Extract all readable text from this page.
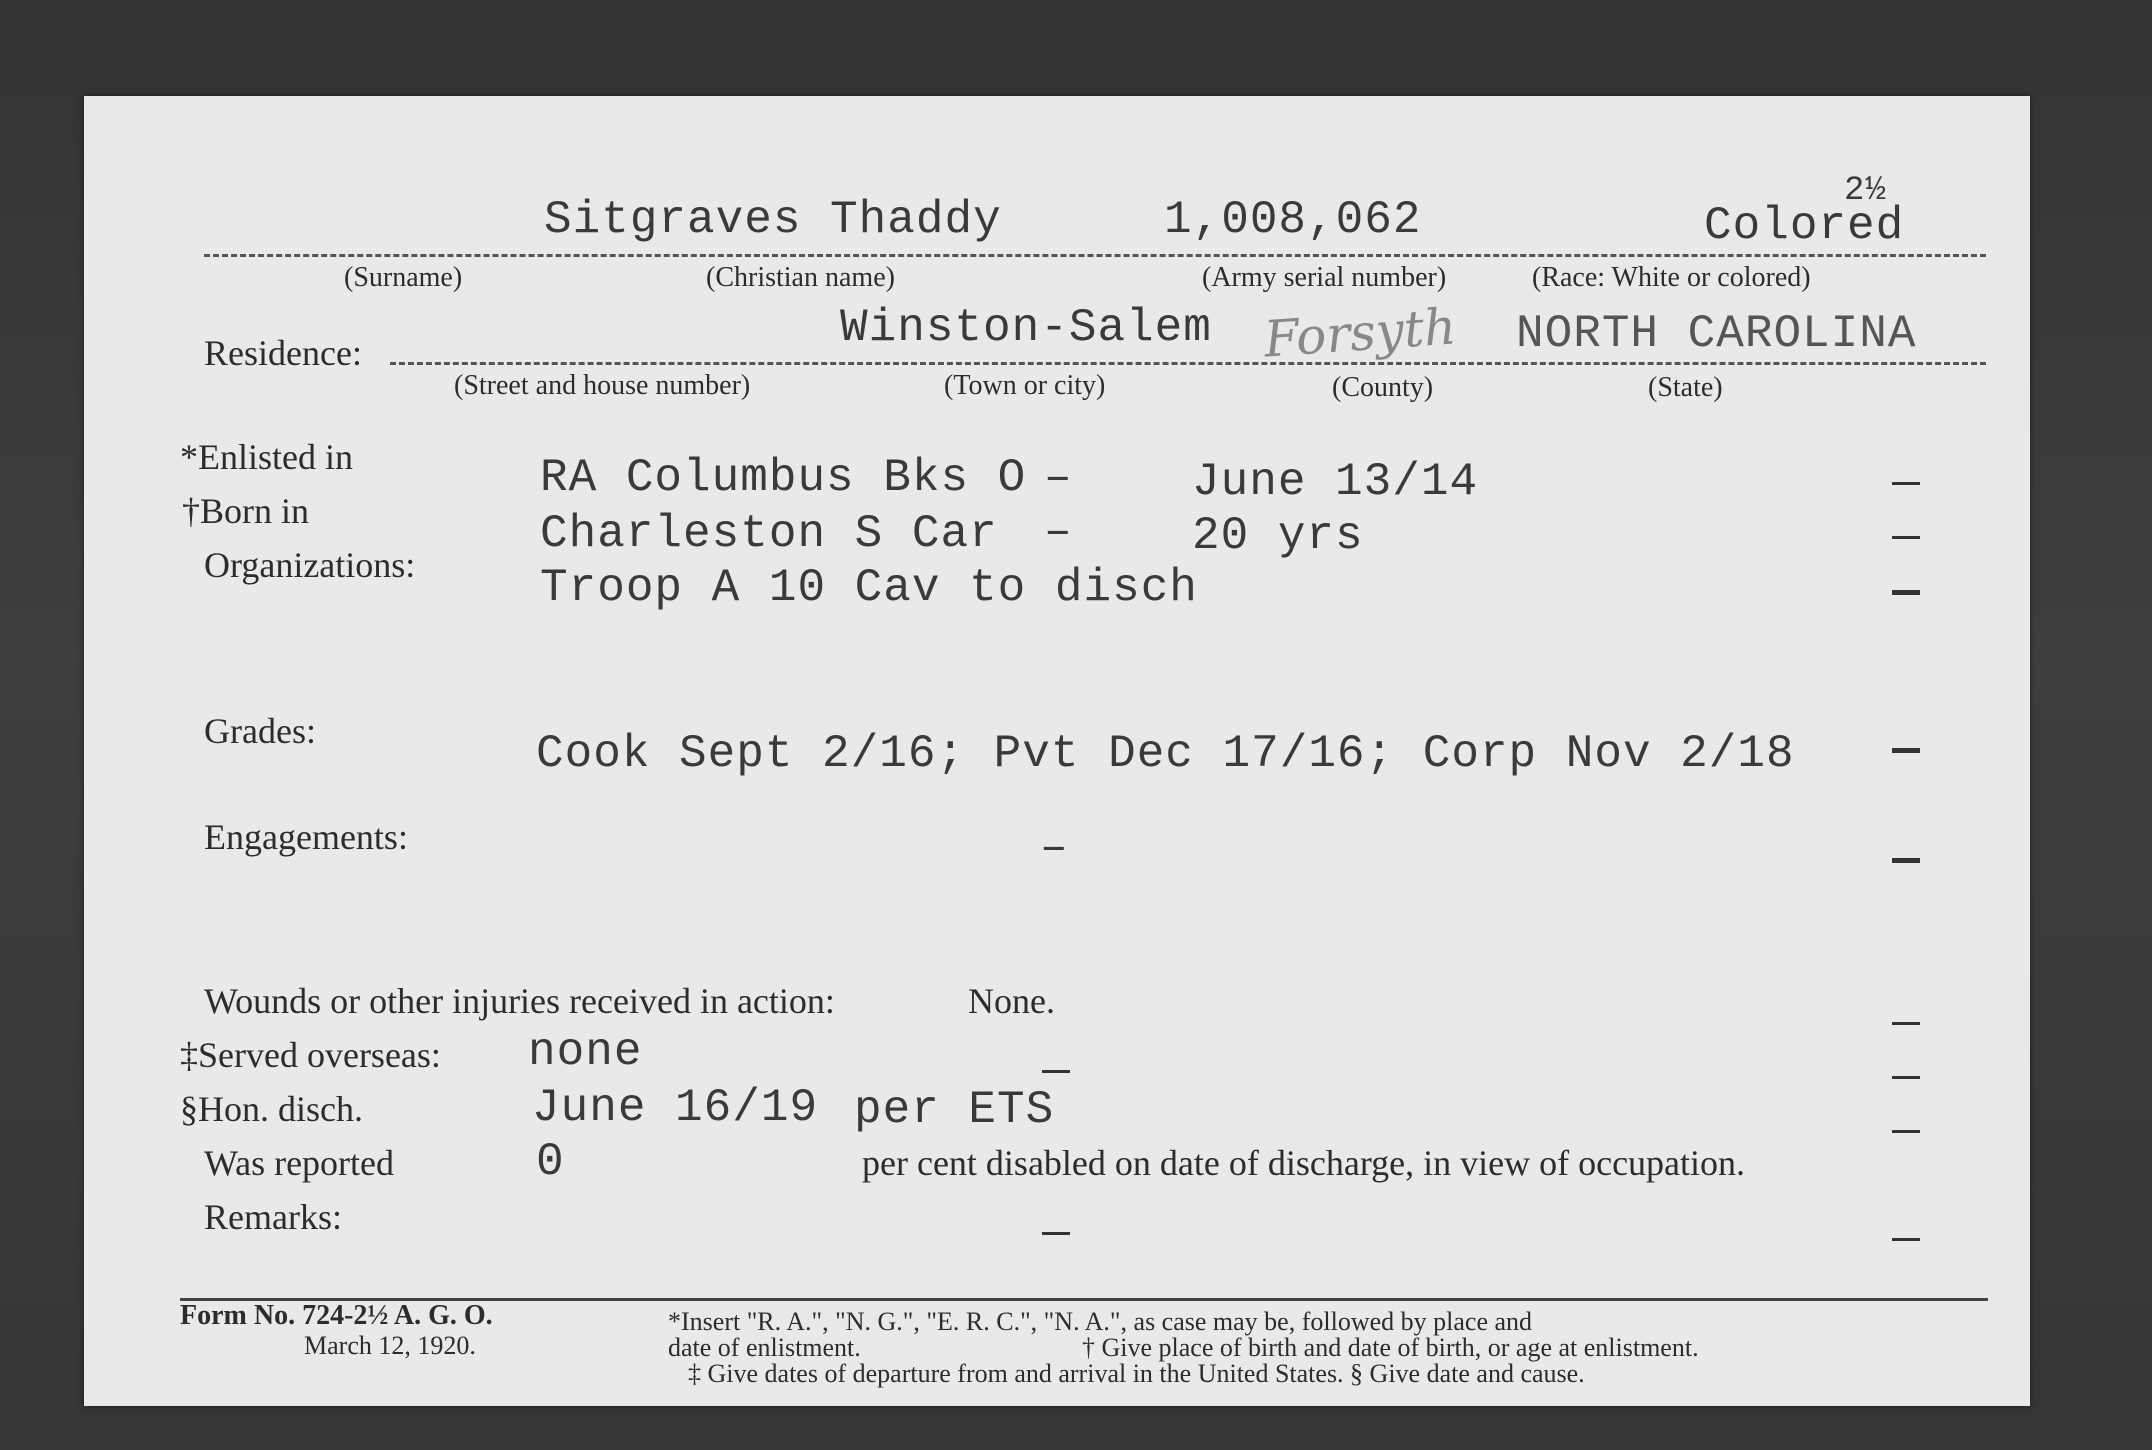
2½
Sitgraves Thaddy	1,008,062	Colored
(Surname)	(Christian name)	(Army serial number)	(Race: White or colored)
Residence:	Winston-Salem Forsyth NORTH CAROLINA
(Street and house number)	(Town or city)	(County)	(State)
*Enlisted in	RA Columbus Bks O –	June 13/14
†Born in	Charleston S Car –	20 yrs
Organizations:	Troop A 10 Cav to disch
Grades:	Cook Sept 2/16; Pvt Dec 17/16; Corp Nov 2/18
Engagements:	–
Wounds or other injuries received in action:	None.
‡Served overseas: none
§Hon. disch.	June 16/19 per ETS
Was reported	0	per cent disabled on date of discharge, in view of occupation.
Remarks:
Form No. 724-2½ A. G. O.
March 12, 1920.
*Insert "R. A.", "N. G.", "E. R. C.", "N. A.", as case may be, followed by place and
date of enlistment.	† Give place of birth and date of birth, or age at enlistment.
‡ Give dates of departure from and arrival in the United States. § Give date and cause.
